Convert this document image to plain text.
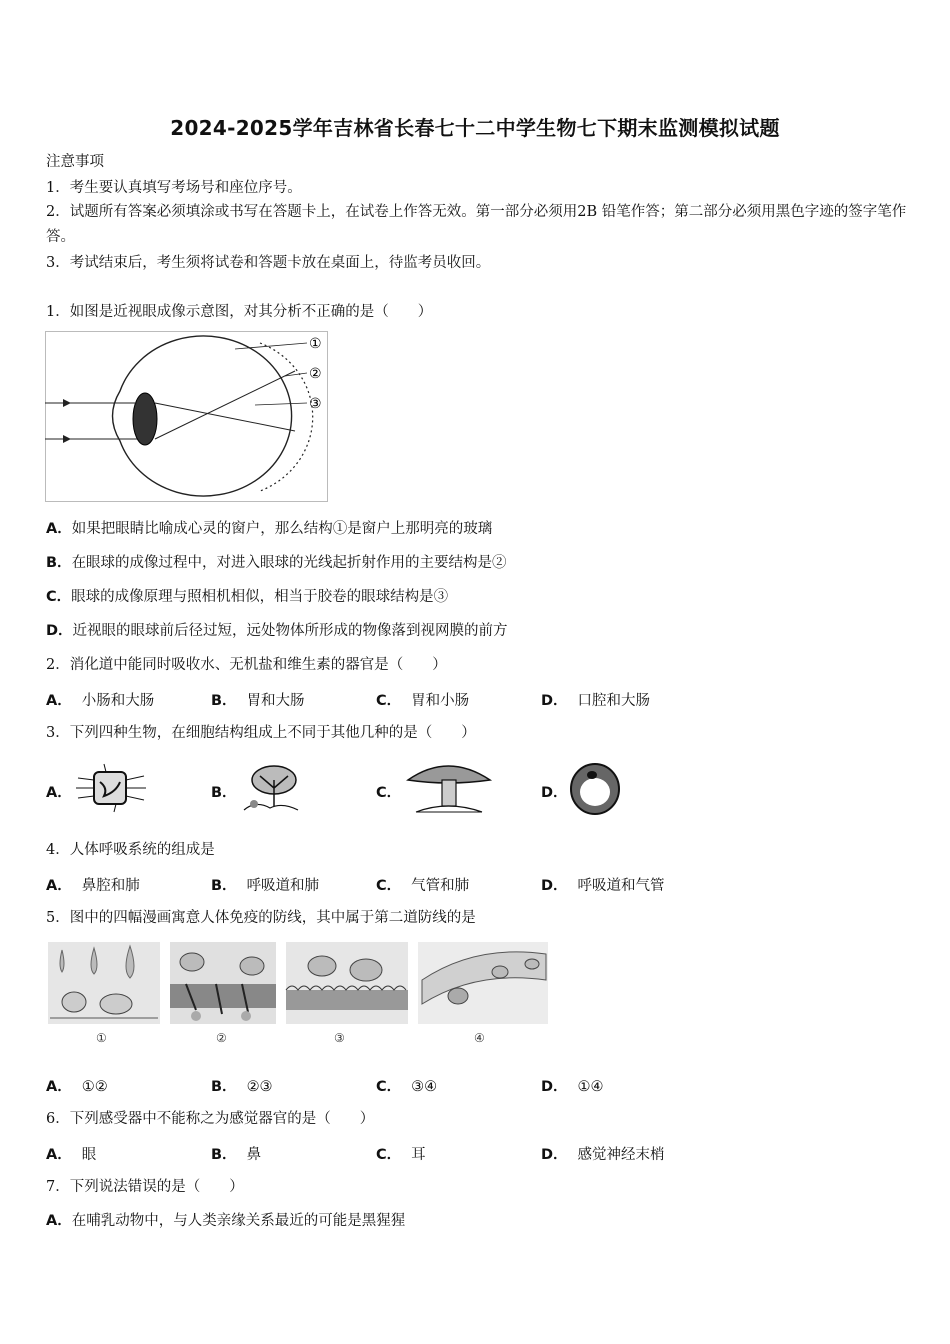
2024-2025学年吉林省长春七十二中学生物七下期末监测模拟试题
注意事项
1．考生要认真填写考场号和座位序号。
2．试题所有答案必须填涂或书写在答题卡上，在试卷上作答无效。第一部分必须用2B 铅笔作答；第二部分必须用黑色字迹的签字笔作答。
3．考试结束后，考生须将试卷和答题卡放在桌面上，待监考员收回。
1．如图是近视眼成像示意图，对其分析不正确的是（　　）
①
②
③
A．如果把眼睛比喻成心灵的窗户，那么结构①是窗户上那明亮的玻璃
B．在眼球的成像过程中，对进入眼球的光线起折射作用的主要结构是②
C．眼球的成像原理与照相机相似，相当于胶卷的眼球结构是③
D．近视眼的眼球前后径过短，远处物体所形成的物像落到视网膜的前方
2．消化道中能同时吸收水、无机盐和维生素的器官是（　　）
A． 小肠和大肠	B． 胃和大肠	C． 胃和小肠	D． 口腔和大肠
3．下列四种生物，在细胞结构组成上不同于其他几种的是（　　）
A．	B．	C．	D．
4．人体呼吸系统的组成是
A． 鼻腔和肺	B． 呼吸道和肺	C． 气管和肺	D． 呼吸道和气管
5．图中的四幅漫画寓意人体免疫的防线，其中属于第二道防线的是
①	②	③	④
A． ①②	B． ②③	C． ③④	D． ①④
6．下列感受器中不能称之为感觉器官的是（　　）
A． 眼	B． 鼻	C． 耳	D． 感觉神经末梢
7．下列说法错误的是（　　）
A．在哺乳动物中，与人类亲缘关系最近的可能是黑猩猩
